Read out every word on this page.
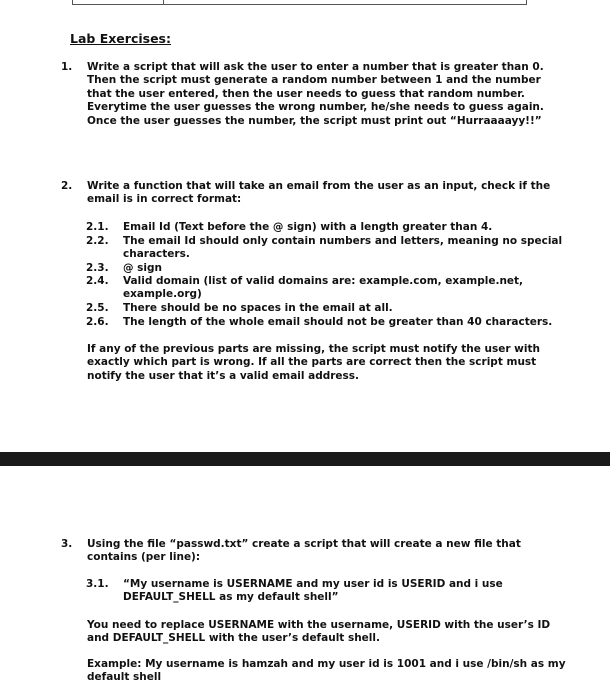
Lab Exercises:
1. Write a script that will ask the user to enter a number that is greater than 0.
Then the script must generate a random number between 1 and the number
that the user entered, then the user needs to guess that random number.
Everytime the user guesses the wrong number, he/she needs to guess again.
Once the user guesses the number, the script must print out “Hurraaaayy!!”
2. Write a function that will take an email from the user as an input, check if the
email is in correct format:
2.1. Email Id (Text before the @ sign) with a length greater than 4.
2.2. The email Id should only contain numbers and letters, meaning no special
characters.
2.3. @ sign
2.4. Valid domain (list of valid domains are: example.com, example.net,
example.org)
2.5. There should be no spaces in the email at all.
2.6. The length of the whole email should not be greater than 40 characters.
If any of the previous parts are missing, the script must notify the user with
exactly which part is wrong. If all the parts are correct then the script must
notify the user that it’s a valid email address.
3. Using the file “passwd.txt” create a script that will create a new file that
contains (per line):
3.1. “My username is USERNAME and my user id is USERID and i use
DEFAULT_SHELL as my default shell”
You need to replace USERNAME with the username, USERID with the user’s ID
and DEFAULT_SHELL with the user’s default shell.
Example: My username is hamzah and my user id is 1001 and i use /bin/sh as my
default shell
